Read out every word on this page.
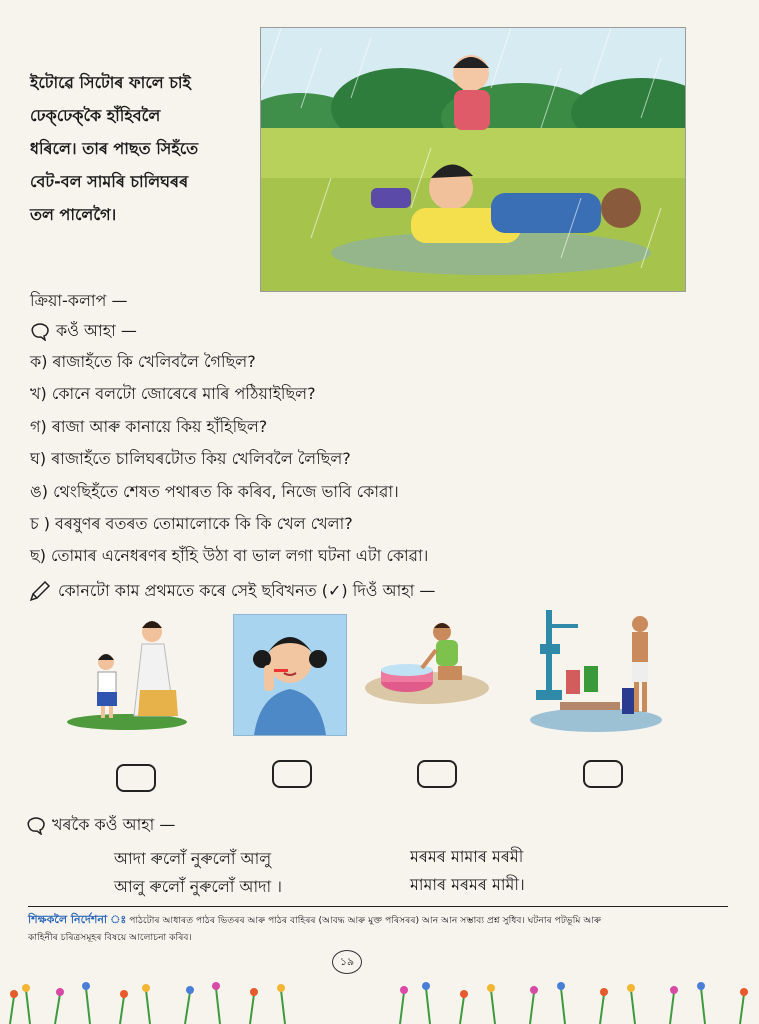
ইটোৱে সিটোৰ ফালে চাই
ঢেক্‌ঢেক্‌কৈ হাঁহিবলৈ
ধৰিলে। তাৰ পাছত সিহঁতে
বেট-বল সামৰি চালিঘৰৰ
তল পালেগৈ।

ক্ৰিয়া-কলাপ —

কওঁ আহা —
ক) ৰাজাহঁতে কি খেলিবলৈ গৈছিল?
খ) কোনে বলটো জোৰেৰে মাৰি পঠিয়াইছিল?
গ) ৰাজা আৰু কানায়ে কিয় হাঁহিছিল?
ঘ) ৰাজাহঁতে চালিঘৰটোত কিয় খেলিবলৈ লৈছিল?
ঙ) থেংছিহঁতে শেষত পথাৰত কি কৰিব, নিজে ভাবি কোৱা।
চ ) বৰষুণৰ বতৰত তোমালোকে কি কি খেল খেলা?
ছ) তোমাৰ এনেধৰণৰ হাঁহি উঠা বা ভাল লগা ঘটনা এটা কোৱা।
কোনটো কাম প্ৰথমতে কৰে সেই ছবিখনত (✓) দিওঁ আহা —
খৰকৈ কওঁ আহা —
আদা ৰুলোঁ নুৰুলোঁ আলু
আলু ৰুলোঁ নুৰুলোঁ আদা ।
মৰমৰ মামাৰ মৰমী
মামাৰ মৰমৰ মামী।
শিক্ষকলৈ নিৰ্দেশনা ঃ পাঠটোৰ আধাৰত পাঠৰ ভিতৰৰ আৰু পাঠৰ বাহিৰৰ (আবদ্ধ আৰু মুক্ত পৰিসৰৰ) আন আন সম্ভাব্য প্ৰশ্ন সুধিব। ঘটনাৰ পটভূমি আৰু
কাহিনীৰ চৰিত্ৰসমূহৰ বিষয়ে আলোচনা কৰিব।
১৯
